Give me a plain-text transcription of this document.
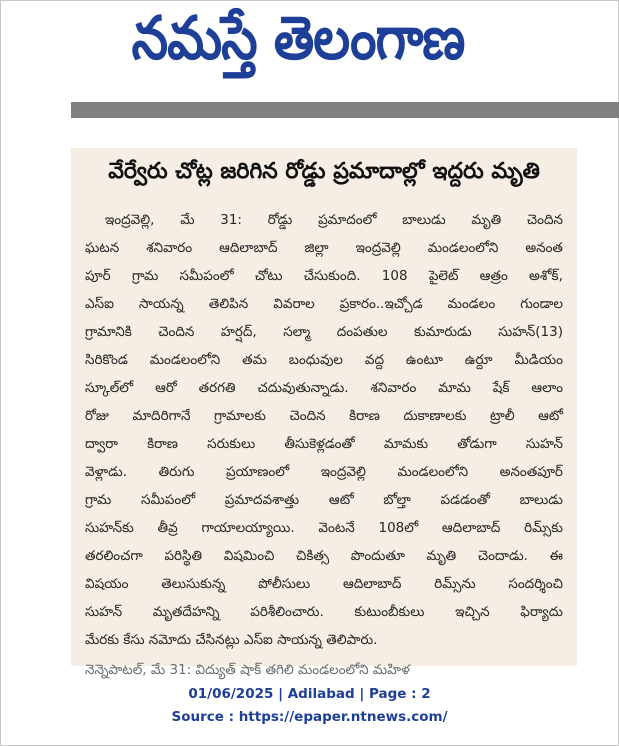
నమస్తే తెలంగాణ
వేర్వేరు చోట్ల జరిగిన రోడ్డు ప్రమాదాల్లో ఇద్దరు మృతి
ఇంద్రవెల్లి, మే 31: రోడ్డు ప్రమాదంలో బాలుడు మృతి చెందిన
ఘటన శనివారం ఆదిలాబాద్ జిల్లా ఇంద్రవెల్లి మండలంలోని అనంత
పూర్ గ్రామ సమీపంలో చోటు చేసుకుంది. 108 పైలెట్ ఆత్రం అశోక్,
ఎస్ఐ సాయన్న తెలిపిన వివరాల ప్రకారం..ఇచ్చోడ మండలం గుండాల
గ్రామానికి చెందిన హర్షద్, సల్మా దంపతుల కుమారుడు సుహన్(13)
సిరికొండ మండలంలోని తమ బంధువుల వద్ద ఉంటూ ఉర్దూ మీడియం
స్కూల్‌లో ఆరో తరగతి చదువుతున్నాడు. శనివారం మామ షేక్ ఆలాం
రోజు మాదిరిగానే గ్రామాలకు చెందిన కిరాణ దుకాణాలకు ట్రాలీ ఆటో
ద్వారా కిరాణ సరుకులు తీసుకెళ్లడంతో మామకు తోడుగా సుహన్
వెళ్లాడు. తిరుగు ప్రయాణంలో ఇంద్రవెల్లి మండలంలోని అనంతపూర్
గ్రామ సమీపంలో ప్రమాదవశాత్తు ఆటో బోల్తా పడడంతో బాలుడు
సుహన్‌కు తీవ్ర గాయాలయ్యాయి. వెంటనే 108లో ఆదిలాబాద్ రిమ్స్‌కు
తరలించగా పరిస్థితి విషమించి చికిత్స పొందుతూ మృతి చెందాడు. ఈ
విషయం తెలుసుకున్న పోలీసులు ఆదిలాబాద్ రిమ్స్‌ను సందర్శించి
సుహన్ మృతదేహన్ని పరిశీలించారు. కుటుంబీకులు ఇచ్చిన ఫిర్యాదు
మేరకు కేసు నమోదు చేసినట్లు ఎస్ఐ సాయన్న తెలిపారు.
నెన్నెపాటల్, మే 31: విద్యుత్ షాక్ తగిలి మండలంలోని మహిళ
01/06/2025 | Adilabad | Page : 2
Source : https://epaper.ntnews.com/
